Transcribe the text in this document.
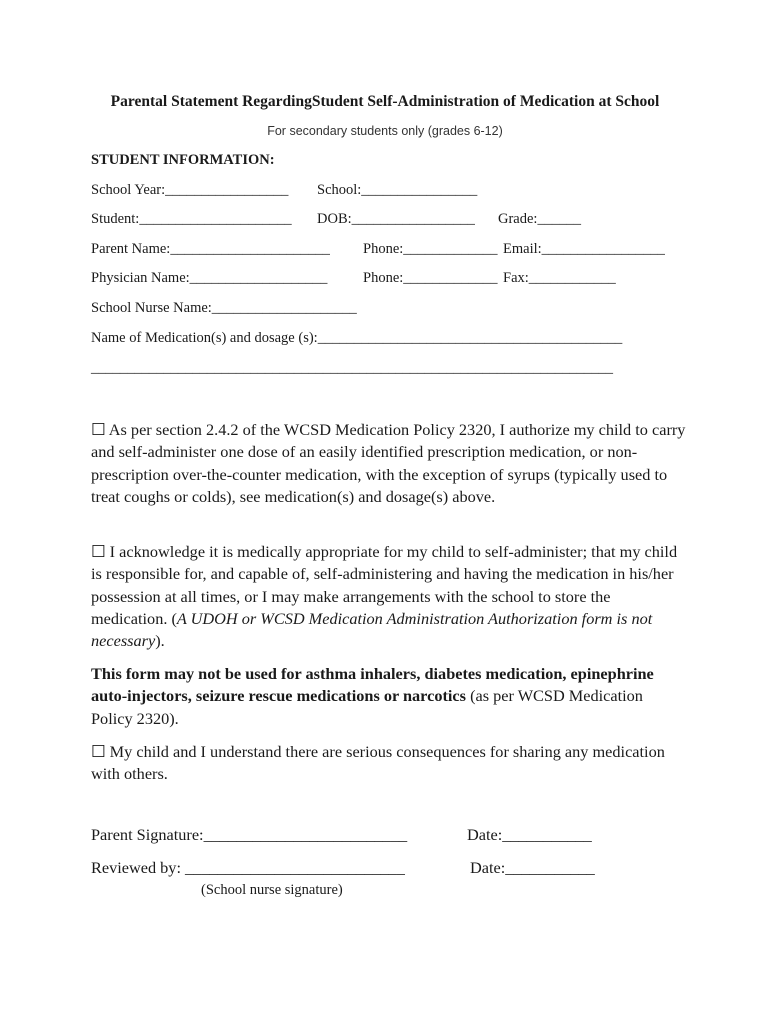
Parental Statement RegardingStudent Self-Administration of Medication at School
For secondary students only (grades 6-12)
STUDENT INFORMATION:
School Year:_________________ School:________________
Student:_____________________ DOB:_________________ Grade:______
Parent Name:______________________ Phone:_____________ Email:_________________
Physician Name:___________________ Phone:_____________ Fax:____________
School Nurse Name:____________________
Name of Medication(s) and dosage (s):__________________________________________
________________________________________________________________________
☐ As per section 2.4.2 of the WCSD Medication Policy 2320, I authorize my child to carry and self-administer one dose of an easily identified prescription medication, or non-prescription over-the-counter medication, with the exception of syrups (typically used to treat coughs or colds), see medication(s) and dosage(s) above.
☐ I acknowledge it is medically appropriate for my child to self-administer; that my child is responsible for, and capable of, self-administering and having the medication in his/her possession at all times, or I may make arrangements with the school to store the medication. (A UDOH or WCSD Medication Administration Authorization form is not necessary).
This form may not be used for asthma inhalers, diabetes medication, epinephrine auto-injectors, seizure rescue medications or narcotics (as per WCSD Medication Policy 2320).
☐ My child and I understand there are serious consequences for sharing any medication with others.
Parent Signature:_________________________	Date:___________
Reviewed by: ___________________________	Date:___________
(School nurse signature)
